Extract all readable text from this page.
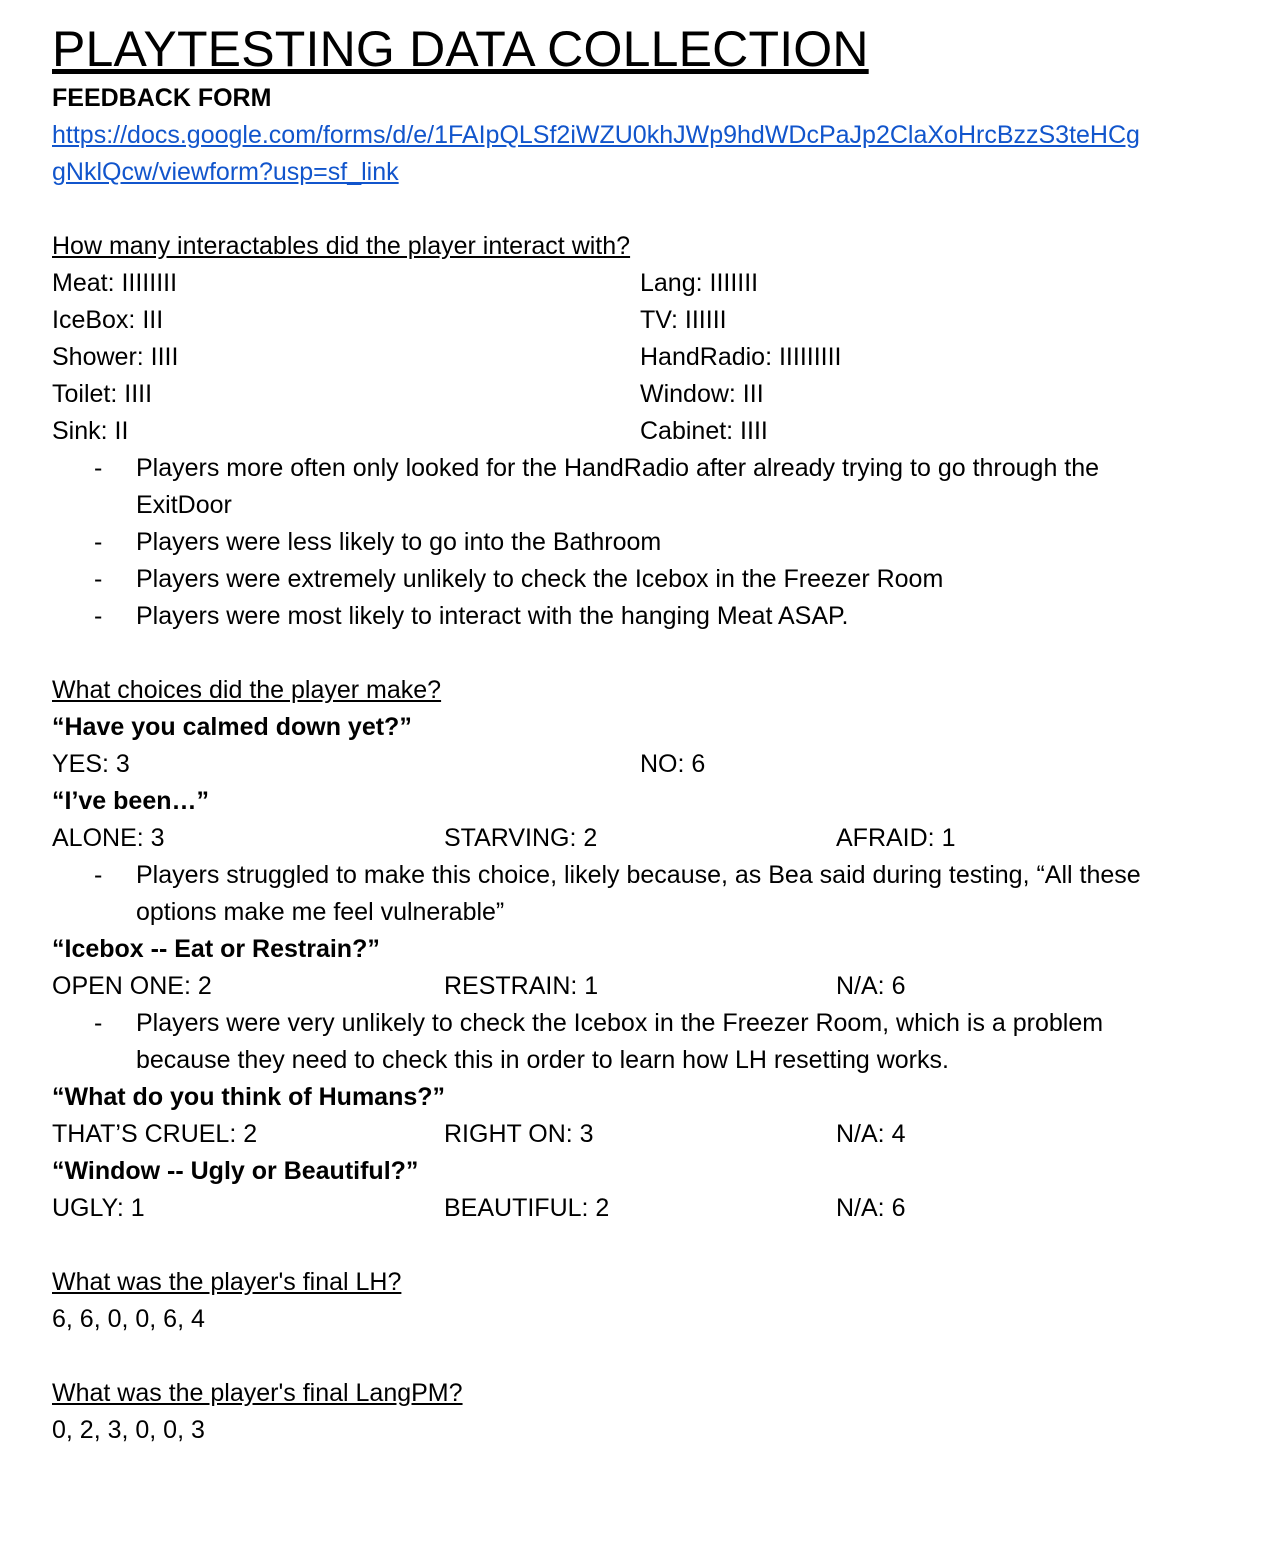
PLAYTESTING DATA COLLECTION
FEEDBACK FORM
https://docs.google.com/forms/d/e/1FAIpQLSf2iWZU0khJWp9hdWDcPaJp2ClaXoHrcBzzS3teHCggNklQcw/viewform?usp=sf_link
How many interactables did the player interact with?
Meat: IIIIIIII	Lang: IIIIIII
IceBox: III	TV: IIIIII
Shower: IIII	HandRadio: IIIIIIIII
Toilet: IIII	Window: III
Sink: II	Cabinet: IIII
- Players more often only looked for the HandRadio after already trying to go through the ExitDoor
- Players were less likely to go into the Bathroom
- Players were extremely unlikely to check the Icebox in the Freezer Room
- Players were most likely to interact with the hanging Meat ASAP.
What choices did the player make?
“Have you calmed down yet?”
YES: 3	NO: 6
“I’ve been…”
ALONE: 3	STARVING: 2	AFRAID: 1
- Players struggled to make this choice, likely because, as Bea said during testing, “All these options make me feel vulnerable”
“Icebox -- Eat or Restrain?”
OPEN ONE: 2	RESTRAIN: 1	N/A: 6
- Players were very unlikely to check the Icebox in the Freezer Room, which is a problem because they need to check this in order to learn how LH resetting works.
“What do you think of Humans?”
THAT’S CRUEL: 2	RIGHT ON: 3	N/A: 4
“Window -- Ugly or Beautiful?”
UGLY: 1	BEAUTIFUL: 2	N/A: 6
What was the player's final LH?
6, 6, 0, 0, 6, 4
What was the player's final LangPM?
0, 2, 3, 0, 0, 3
